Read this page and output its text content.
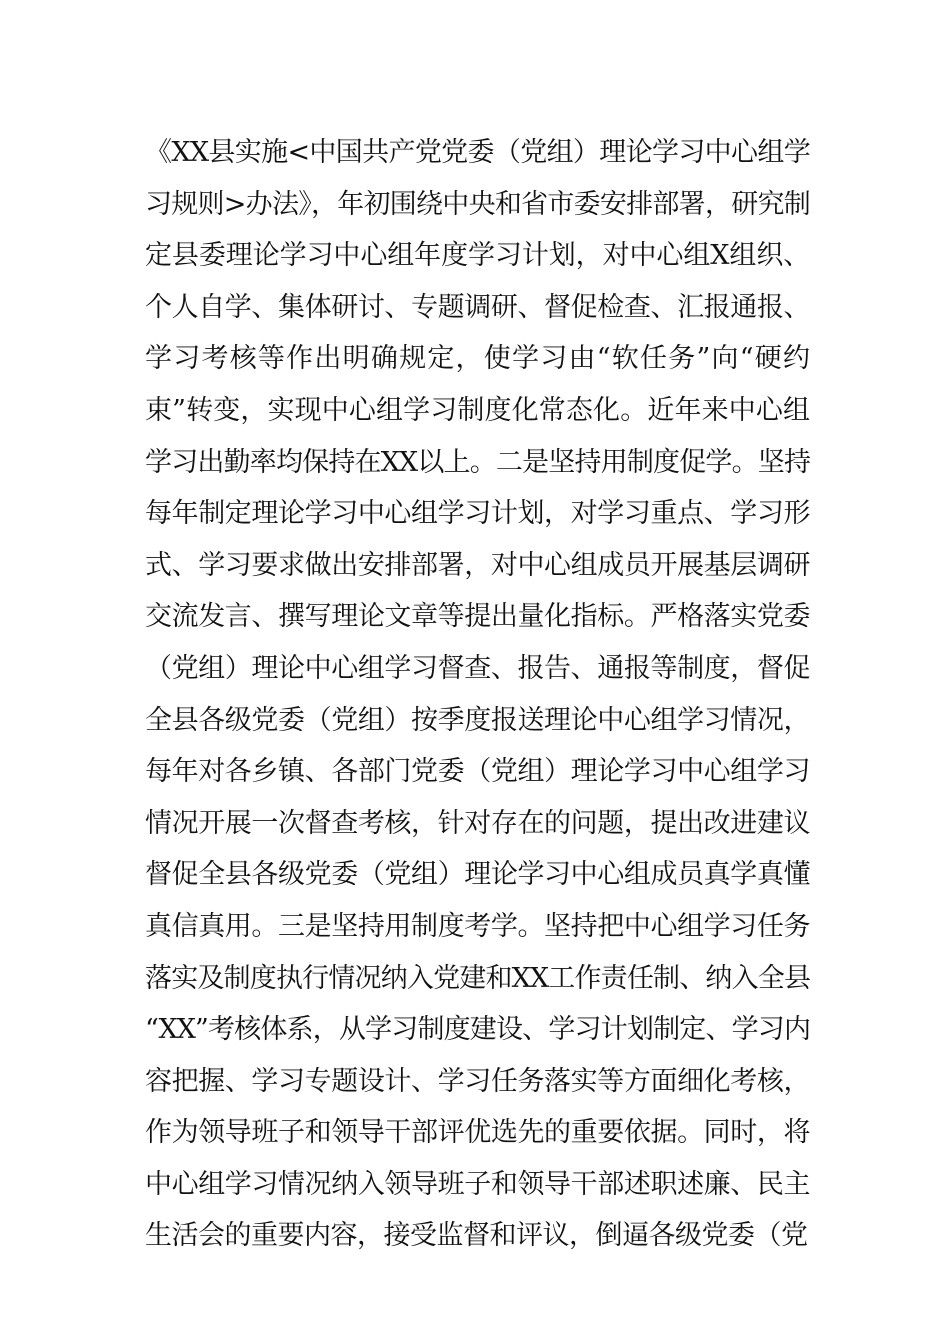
《XX县实施<中国共产党党委（党组）理论学习中心组学
习规则>办法》，年初围绕中央和省市委安排部署，研究制
定县委理论学习中心组年度学习计划，对中心组X组织、
个人自学、集体研讨、专题调研、督促检查、汇报通报、
学习考核等作出明确规定，使学习由“软任务”向“硬约
束”转变，实现中心组学习制度化常态化。近年来中心组
学习出勤率均保持在XX以上。二是坚持用制度促学。坚持
每年制定理论学习中心组学习计划，对学习重点、学习形
式、学习要求做出安排部署，对中心组成员开展基层调研
交流发言、撰写理论文章等提出量化指标。严格落实党委
（党组）理论中心组学习督查、报告、通报等制度，督促
全县各级党委（党组）按季度报送理论中心组学习情况，
每年对各乡镇、各部门党委（党组）理论学习中心组学习
情况开展一次督查考核，针对存在的问题，提出改进建议
督促全县各级党委（党组）理论学习中心组成员真学真懂
真信真用。三是坚持用制度考学。坚持把中心组学习任务
落实及制度执行情况纳入党建和XX工作责任制、纳入全县
“XX”考核体系，从学习制度建设、学习计划制定、学习内
容把握、学习专题设计、学习任务落实等方面细化考核，
作为领导班子和领导干部评优选先的重要依据。同时，将
中心组学习情况纳入领导班子和领导干部述职述廉、民主
生活会的重要内容，接受监督和评议，倒逼各级党委（党
